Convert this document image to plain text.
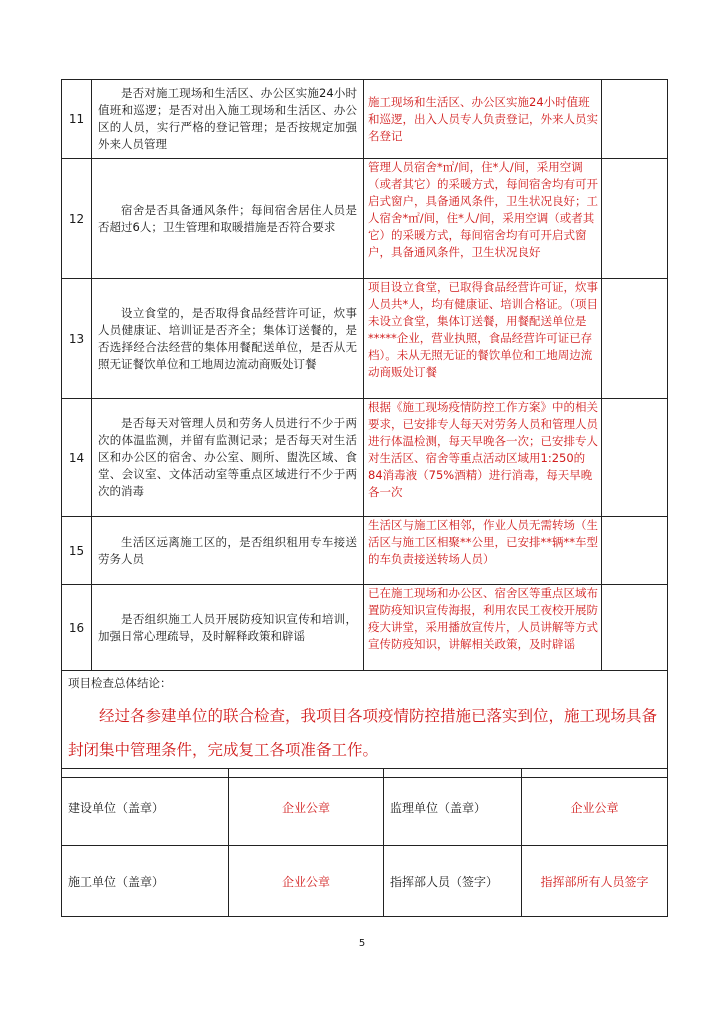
11	是否对施工现场和生活区、办公区实施24小时值班和巡逻；是否对出入施工现场和生活区、办公区的人员，实行严格的登记管理；是否按规定加强外来人员管理	施工现场和生活区、办公区实施24小时值班和巡逻，出入人员专人负责登记，外来人员实名登记	
12	宿舍是否具备通风条件；每间宿舍居住人员是否超过6人；卫生管理和取暖措施是否符合要求	管理人员宿舍*㎡/间，住*人/间，采用空调（或者其它）的采暖方式，每间宿舍均有可开启式窗户，具备通风条件，卫生状况良好；工人宿舍*㎡/间，住*人/间，采用空调（或者其它）的采暖方式，每间宿舍均有可开启式窗户，具备通风条件，卫生状况良好	
13	设立食堂的，是否取得食品经营许可证，炊事人员健康证、培训证是否齐全；集体订送餐的，是否选择经合法经营的集体用餐配送单位，是否从无照无证餐饮单位和工地周边流动商贩处订餐	项目设立食堂，已取得食品经营许可证，炊事人员共*人，均有健康证、培训合格证。（项目未设立食堂，集体订送餐，用餐配送单位是*****企业，营业执照，食品经营许可证已存档）。未从无照无证的餐饮单位和工地周边流动商贩处订餐	
14	是否每天对管理人员和劳务人员进行不少于两次的体温监测，并留有监测记录；是否每天对生活区和办公区的宿舍、办公室、厕所、盥洗区域、食堂、会议室、文体活动室等重点区域进行不少于两次的消毒	根据《施工现场疫情防控工作方案》中的相关要求，已安排专人每天对劳务人员和管理人员进行体温检测，每天早晚各一次；已安排专人对生活区、宿舍等重点活动区域用1:250的84消毒液（75%酒精）进行消毒，每天早晚各一次	
15	生活区远离施工区的，是否组织租用专车接送劳务人员	生活区与施工区相邻，作业人员无需转场（生活区与施工区相聚**公里，已安排**辆**车型的车负责接送转场人员）	
16	是否组织施工人员开展防疫知识宣传和培训，加强日常心理疏导，及时解释政策和辟谣	已在施工现场和办公区、宿舍区等重点区域布置防疫知识宣传海报，利用农民工夜校开展防疫大讲堂，采用播放宣传片，人员讲解等方式宣传防疫知识，讲解相关政策，及时辟谣	

项目检查总体结论：
经过各参建单位的联合检查，我项目各项疫情防控措施已落实到位，施工现场具备封闭集中管理条件，完成复工各项准备工作。			
建设单位（盖章）	企业公章	监理单位（盖章）	企业公章
施工单位（盖章）	企业公章	指挥部人员（签字）	指挥部所有人员签字
5
